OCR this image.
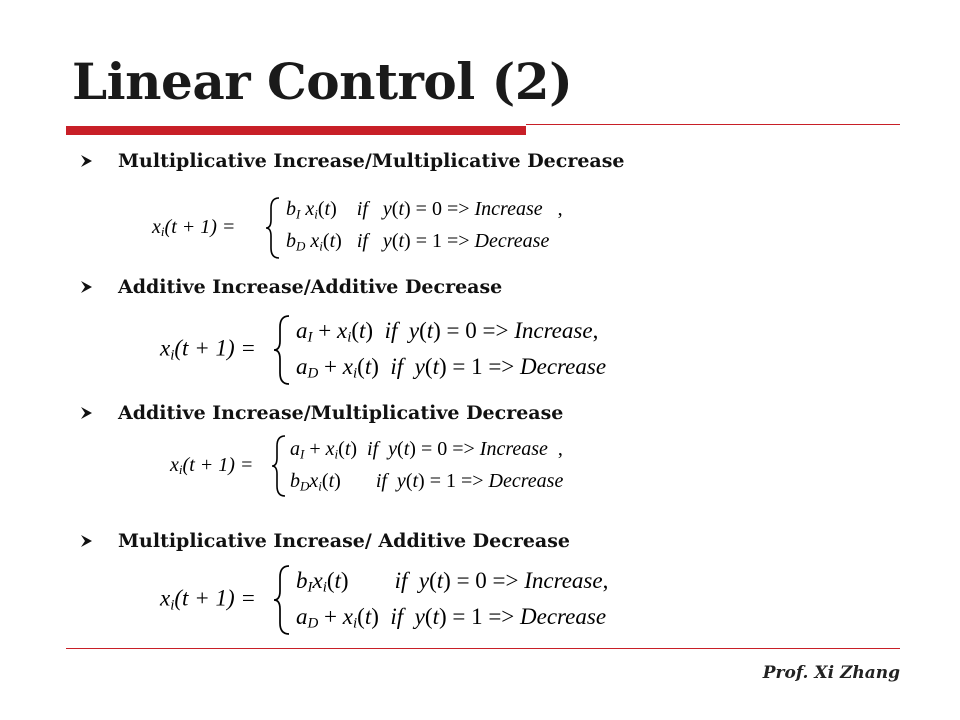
Linear Control (2)
Multiplicative Increase/Multiplicative Decrease
$x_i(t + 1)$ =
$b_I$ $x_i(t)$    if   y(t) = 0 => Increase   ,
$b_D$ $x_i(t)$   if   y(t) = 1 => Decrease
Additive Increase/Additive Decrease
$x_i(t + 1)$ =
$a_I + x_i(t)$  if  y(t) = 0 => Increase,
$a_D + x_i(t)$  if  y(t) = 1 => Decrease
Additive Increase/Multiplicative Decrease
$x_i(t + 1)$ =
$a_I + x_i(t)$  if  y(t) = 0 => Increase  ,
$b_Dx_i(t)$       if  y(t) = 1 => Decrease
Multiplicative Increase/ Additive Decrease
$x_i(t + 1)$ =
$b_Ix_i(t)$        if  y(t) = 0 => Increase,
$a_D + x_i(t)$  if  y(t) = 1 => Decrease
Prof. Xi Zhang
